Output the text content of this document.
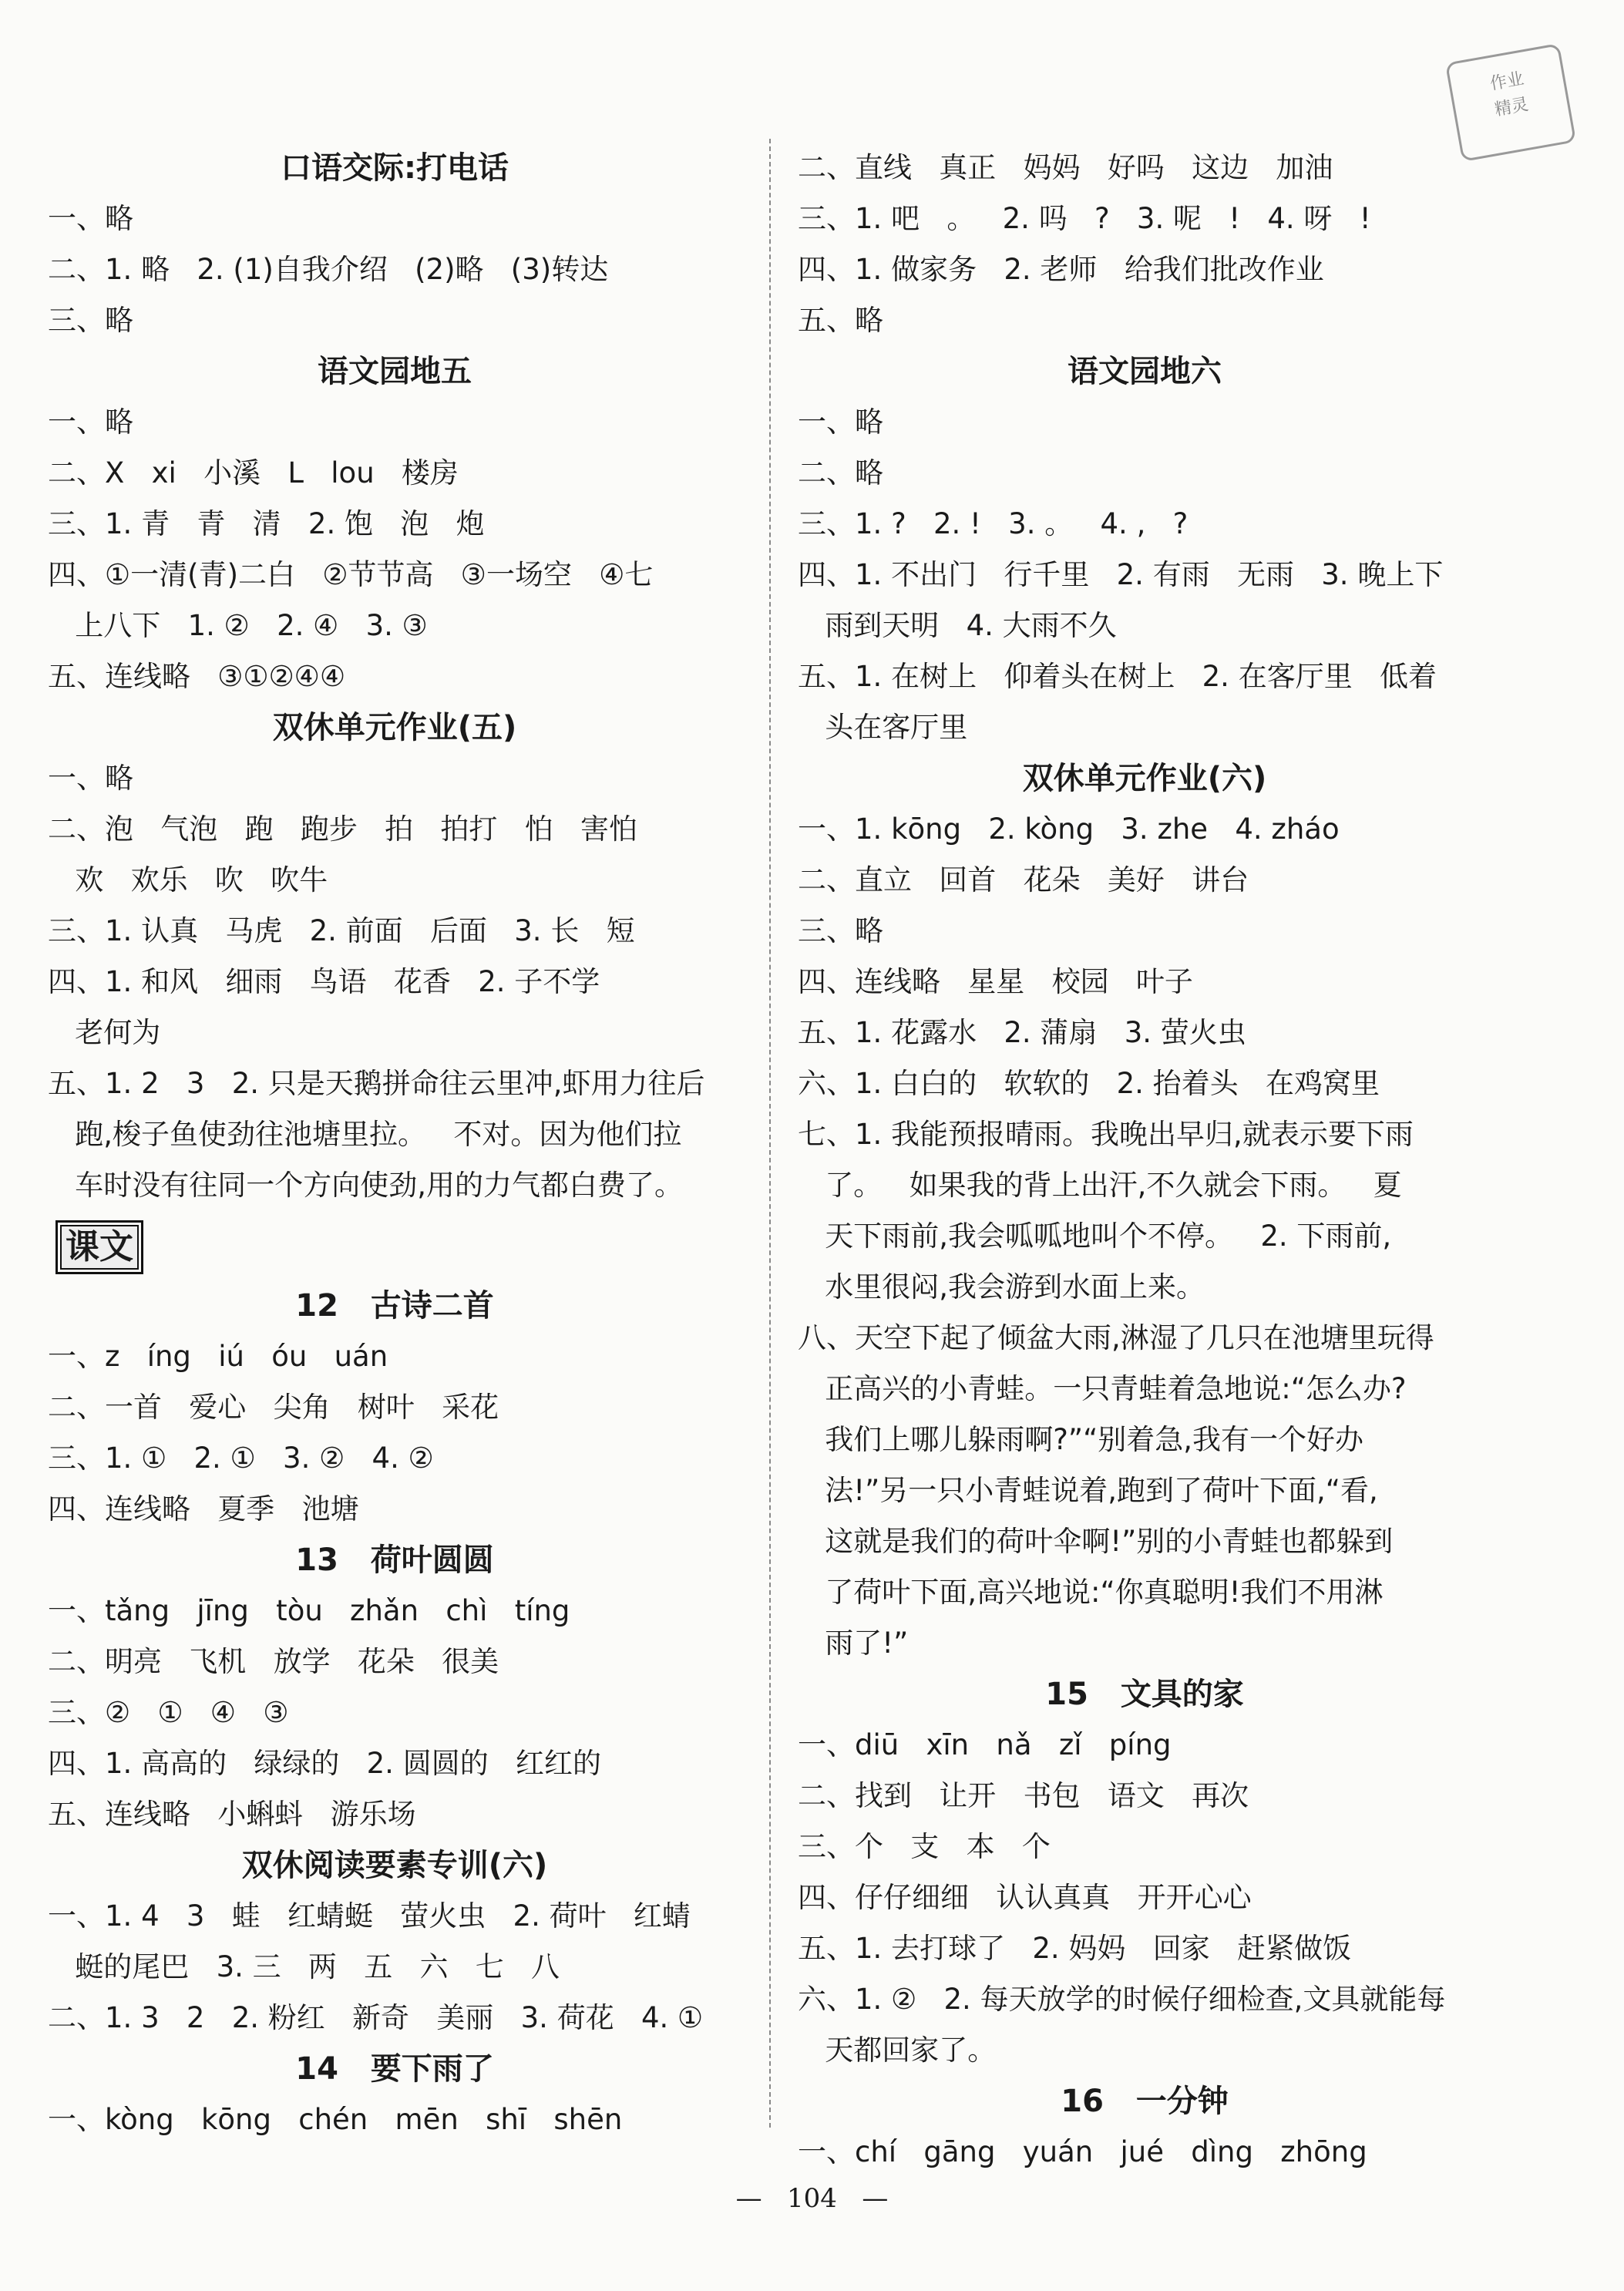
作业
精灵
口语交际:打电话
一、略
二、1. 略   2. (1)自我介绍   (2)略   (3)转达
三、略
语文园地五
一、略
二、X   xi   小溪   L   lou   楼房
三、1. 青   青   清   2. 饱   泡   炮
四、①一清(青)二白   ②节节高   ③一场空   ④七
上八下   1. ②   2. ④   3. ③
五、连线略   ③①②④④
双休单元作业(五)
一、略
二、泡   气泡   跑   跑步   拍   拍打   怕   害怕
欢   欢乐   吹   吹牛
三、1. 认真   马虎   2. 前面   后面   3. 长   短
四、1. 和风   细雨   鸟语   花香   2. 子不学
老何为
五、1. 2   3   2. 只是天鹅拼命往云里冲,虾用力往后
跑,梭子鱼使劲往池塘里拉。   不对。因为他们拉
车时没有往同一个方向使劲,用的力气都白费了。
课文
12   古诗二首
一、z   íng   iú   óu   uán
二、一首   爱心   尖角   树叶   采花
三、1. ①   2. ①   3. ②   4. ②
四、连线略   夏季   池塘
13   荷叶圆圆
一、tǎng   jīng   tòu   zhǎn   chì   tíng
二、明亮   飞机   放学   花朵   很美
三、②   ①   ④   ③
四、1. 高高的   绿绿的   2. 圆圆的   红红的
五、连线略   小蝌蚪   游乐场
双休阅读要素专训(六)
一、1. 4   3   蛙   红蜻蜓   萤火虫   2. 荷叶   红蜻
蜓的尾巴   3. 三   两   五   六   七   八
二、1. 3   2   2. 粉红   新奇   美丽   3. 荷花   4. ①
14   要下雨了
一、kòng   kōng   chén   mēn   shī   shēn
二、直线   真正   妈妈   好吗   这边   加油
三、1. 吧   。   2. 吗   ?   3. 呢   !   4. 呀   !
四、1. 做家务   2. 老师   给我们批改作业
五、略
语文园地六
一、略
二、略
三、1. ?   2. !   3. 。   4. ,   ?
四、1. 不出门   行千里   2. 有雨   无雨   3. 晚上下
雨到天明   4. 大雨不久
五、1. 在树上   仰着头在树上   2. 在客厅里   低着
头在客厅里
双休单元作业(六)
一、1. kōng   2. kòng   3. zhe   4. zháo
二、直立   回首   花朵   美好   讲台
三、略
四、连线略   星星   校园   叶子
五、1. 花露水   2. 蒲扇   3. 萤火虫
六、1. 白白的   软软的   2. 抬着头   在鸡窝里
七、1. 我能预报晴雨。我晚出早归,就表示要下雨
了。   如果我的背上出汗,不久就会下雨。   夏
天下雨前,我会呱呱地叫个不停。   2. 下雨前,
水里很闷,我会游到水面上来。
八、天空下起了倾盆大雨,淋湿了几只在池塘里玩得
正高兴的小青蛙。一只青蛙着急地说:“怎么办?
我们上哪儿躲雨啊?”“别着急,我有一个好办
法!”另一只小青蛙说着,跑到了荷叶下面,“看,
这就是我们的荷叶伞啊!”别的小青蛙也都躲到
了荷叶下面,高兴地说:“你真聪明!我们不用淋
雨了!”
15   文具的家
一、diū   xīn   nǎ   zǐ   píng
二、找到   让开   书包   语文   再次
三、个   支   本   个
四、仔仔细细   认认真真   开开心心
五、1. 去打球了   2. 妈妈   回家   赶紧做饭
六、1. ②   2. 每天放学的时候仔细检查,文具就能每
天都回家了。
16   一分钟
一、chí   gāng   yuán   jué   dìng   zhōng
—   104   —
